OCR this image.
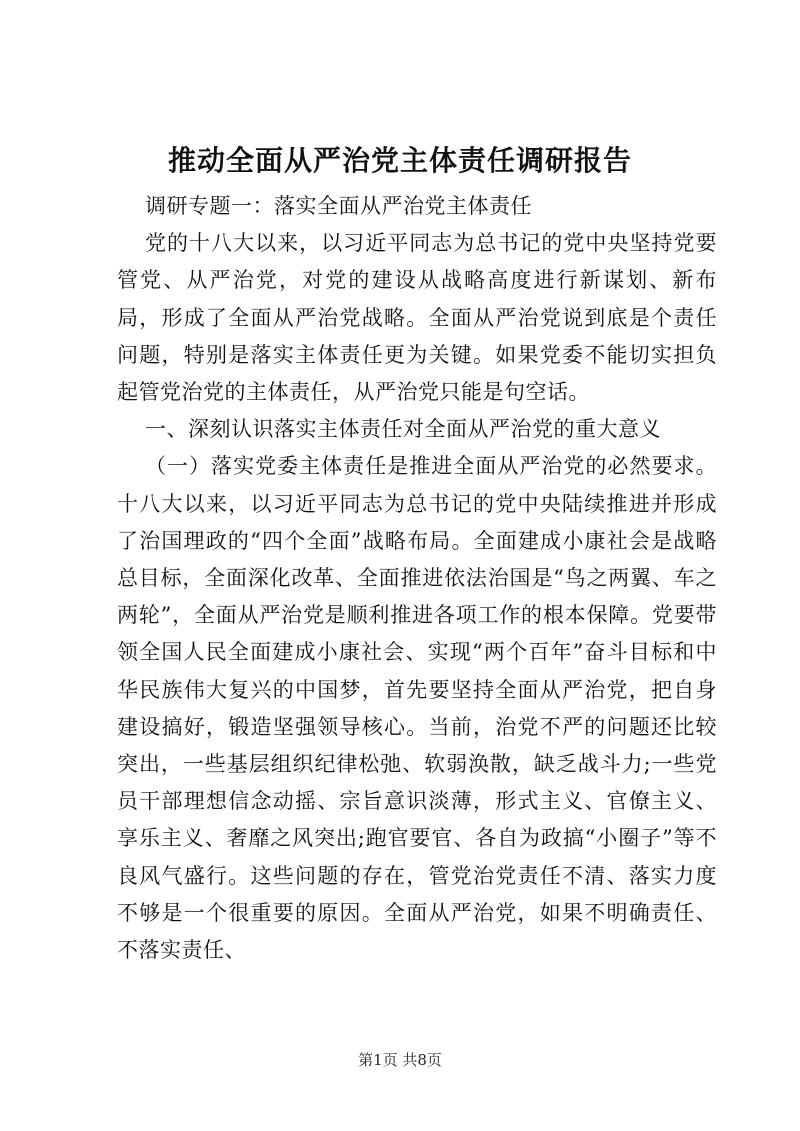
推动全面从严治党主体责任调研报告

调研专题一：落实全面从严治党主体责任

党的十八大以来，以习近平同志为总书记的党中央坚持党要管党、从严治党，对党的建设从战略高度进行新谋划、新布局，形成了全面从严治党战略。全面从严治党说到底是个责任问题，特别是落实主体责任更为关键。如果党委不能切实担负起管党治党的主体责任，从严治党只能是句空话。

一、深刻认识落实主体责任对全面从严治党的重大意义

（一）落实党委主体责任是推进全面从严治党的必然要求。十八大以来，以习近平同志为总书记的党中央陆续推进并形成了治国理政的“四个全面”战略布局。全面建成小康社会是战略总目标，全面深化改革、全面推进依法治国是“鸟之两翼、车之两轮”，全面从严治党是顺利推进各项工作的根本保障。党要带领全国人民全面建成小康社会、实现“两个百年”奋斗目标和中华民族伟大复兴的中国梦，首先要坚持全面从严治党，把自身建设搞好，锻造坚强领导核心。当前，治党不严的问题还比较突出，一些基层组织纪律松弛、软弱涣散，缺乏战斗力;一些党员干部理想信念动摇、宗旨意识淡薄，形式主义、官僚主义、享乐主义、奢靡之风突出;跑官要官、各自为政搞“小圈子”等不良风气盛行。这些问题的存在，管党治党责任不清、落实力度不够是一个很重要的原因。全面从严治党，如果不明确责任、不落实责任、

第1页 共8页
